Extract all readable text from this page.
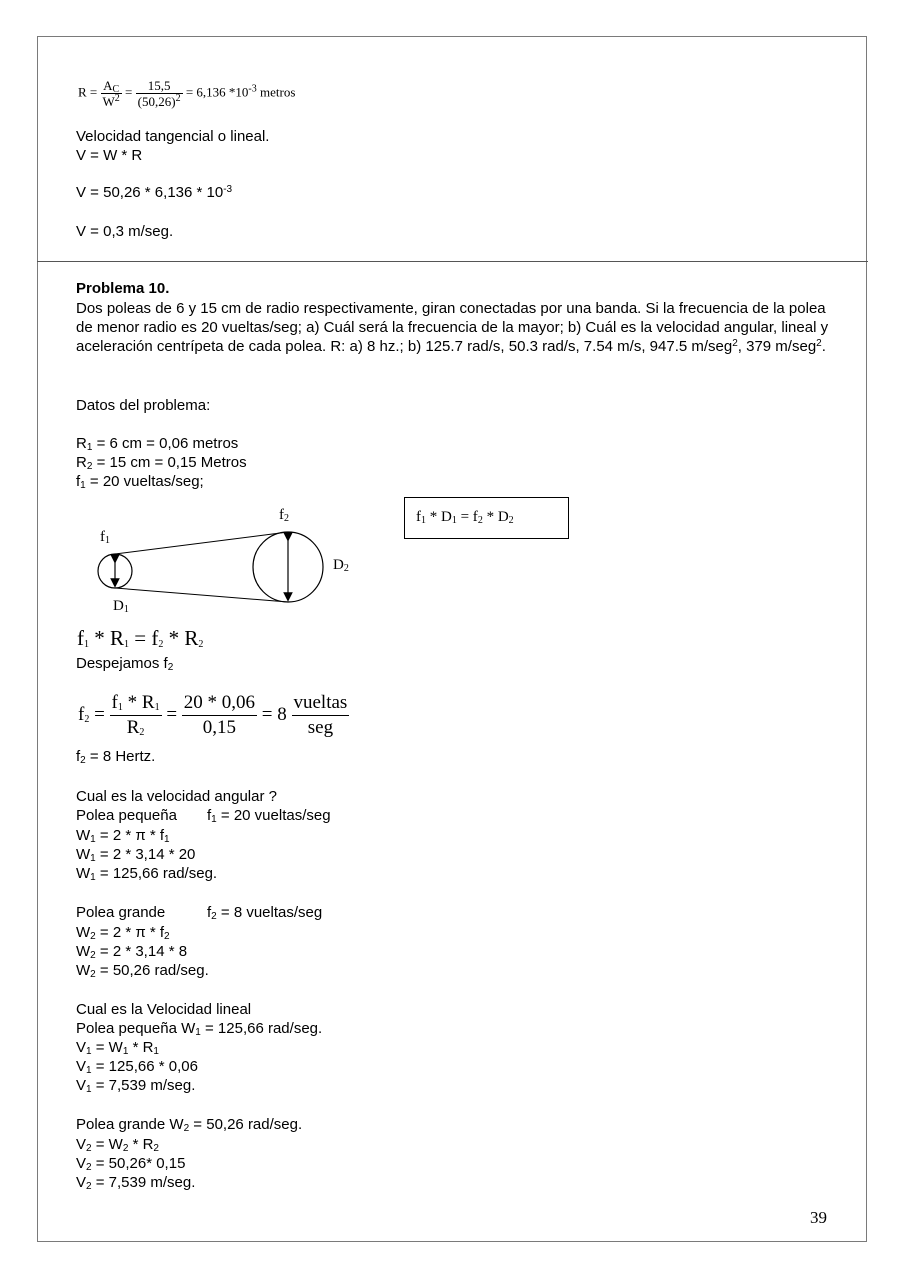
$R = \frac{A_C}{W^2} = \frac{15,5}{(50,26)^2} = 6,136$ $*10^{-3}$ metros
Velocidad tangencial o lineal.
V = W * R
$V = 50,26 * 6,136 * 10^{-3}$
V = 0,3 m/seg.
Problema 10.
Dos poleas de 6 y 15 cm de radio respectivamente, giran conectadas por una banda. Si la frecuencia de la polea de menor radio es 20 vueltas/seg; a) Cuál será la frecuencia de la mayor; b) Cuál es la velocidad angular, lineal y aceleración centrípeta de cada polea. R: a) 8 hz.; b) 125.7 rad/s, 50.3 rad/s, 7.54 m/s, 947.5 m/seg$^2$, 379 m/seg$^2$.
Datos del problema:
$R_1 = 6$ cm = 0,06 metros
$R_2 = 15$ cm = 0,15 Metros
$f_1 = 20$ vueltas/seg;
$f_1$
$f_2$
$D_2$
$D_1$
$f_1 * D_1 = f_2 * D_2$
$f_1 * R_1 = f_2 * R_2$
Despejamos $f_2$
$f_2 = \frac{f_1 * R_1}{R_2} = \frac{20 * 0,06}{0,15} = 8 \frac{\text{vueltas}}{\text{seg}}$
$f_2 = 8$ Hertz.
Cual es la velocidad angular ?
Polea pequeña $f_1 = 20$ vueltas/seg
$W_1 = 2 * \pi * f_1$
$W_1 = 2 * 3,14 * 20$
$W_1 = 125,66$ rad/seg.
Polea grande	$f_2 = 8$ vueltas/seg
$W_2 = 2 * \pi * f_2$
$W_2 = 2 * 3,14 * 8$
$W_2 = 50,26$ rad/seg.
Cual es la Velocidad lineal
Polea pequeña $W_1 = 125,66$ rad/seg.
$V_1 = W_1 * R_1$
$V_1 = 125,66 * 0,06$
$V_1 = 7,539$ m/seg.
Polea grande $W_2 = 50,26$ rad/seg.
$V_2 = W_2 * R_2$
$V_2 = 50,26*$ 0,15
$V_2 = 7,539$ m/seg.
39
